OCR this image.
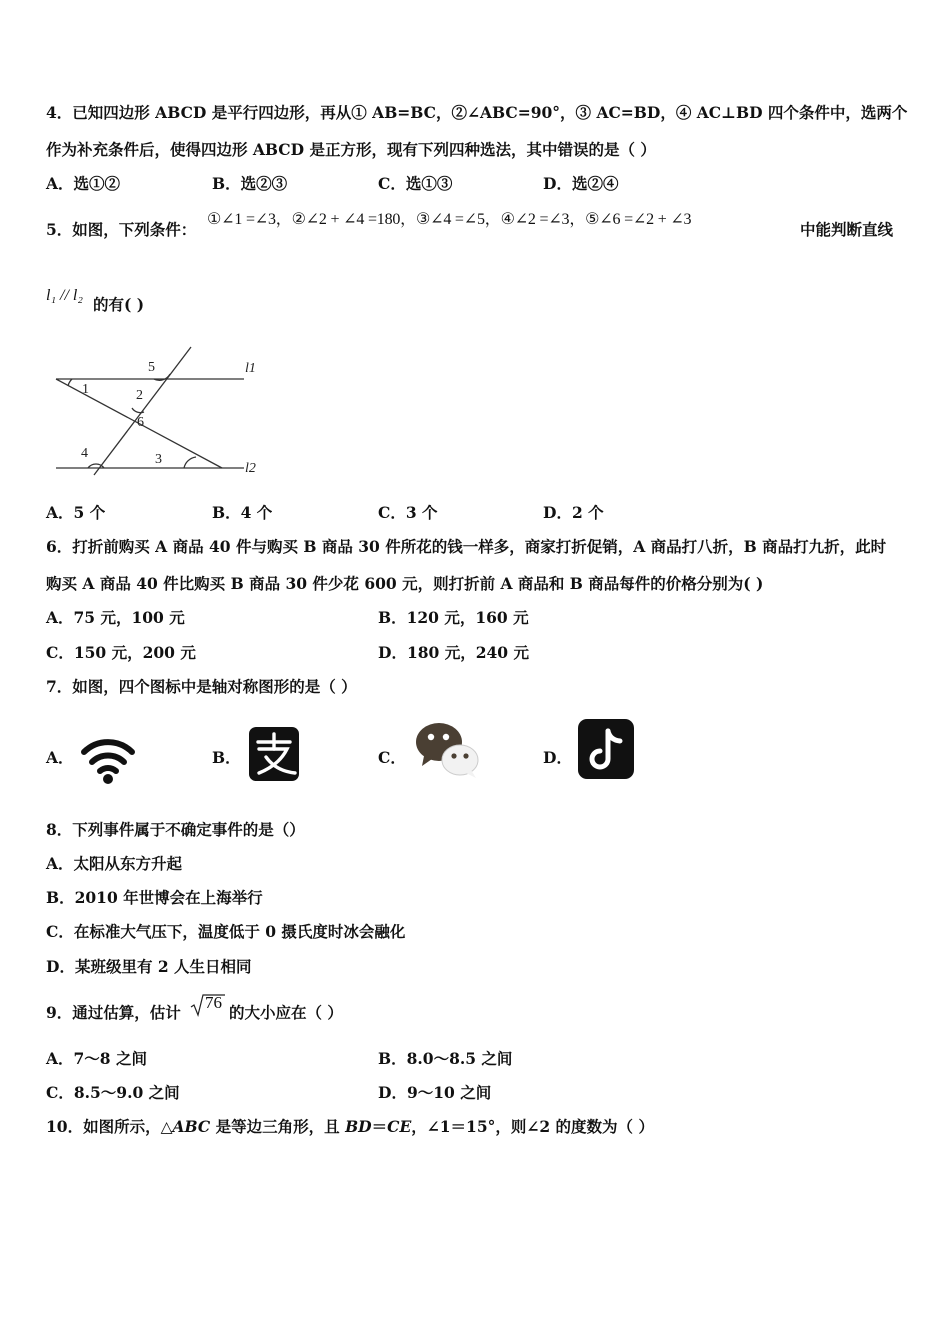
4．已知四边形 ABCD 是平行四边形，再从① AB=BC，②∠ABC=90°，③ AC=BD，④ AC⊥BD 四个条件中，选两个
作为补充条件后，使得四边形 ABCD 是正方形，现有下列四种选法，其中错误的是（ ）
A．选①②	B．选②③	C．选①③	D．选②④
5．如图，下列条件：
①∠1 =∠3，②∠2 + ∠4 =180，③∠4 =∠5，④∠2 =∠3，⑤∠6 =∠2 + ∠3
中能判断直线
l₁ // l₂ 的有( )
5	l1
1	2
6
4	3
l2
A．5 个	B．4 个	C．3 个	D．2 个
6．打折前购买 A 商品 40 件与购买 B 商品 30 件所花的钱一样多，商家打折促销，A 商品打八折，B 商品打九折，此时
购买 A 商品 40 件比购买 B 商品 30 件少花 600 元，则打折前 A 商品和 B 商品每件的价格分别为( )
A．75 元，100 元	B．120 元，160 元
C．150 元，200 元	D．180 元，240 元
7．如图，四个图标中是轴对称图形的是（ ）
A．	B．	C．	D．
8．下列事件属于不确定事件的是（）
A．太阳从东方升起
B．2010 年世博会在上海举行
C．在标准大气压下，温度低于 0 摄氏度时冰会融化
D．某班级里有 2 人生日相同
9．通过估算，估计
76
的大小应在（ ）
A．7～8 之间	B．8.0～8.5 之间
C．8.5～9.0 之间	D．9～10 之间
10．如图所示，△ABC 是等边三角形，且 BD＝CE，∠1＝15°，则∠2 的度数为（ ）
